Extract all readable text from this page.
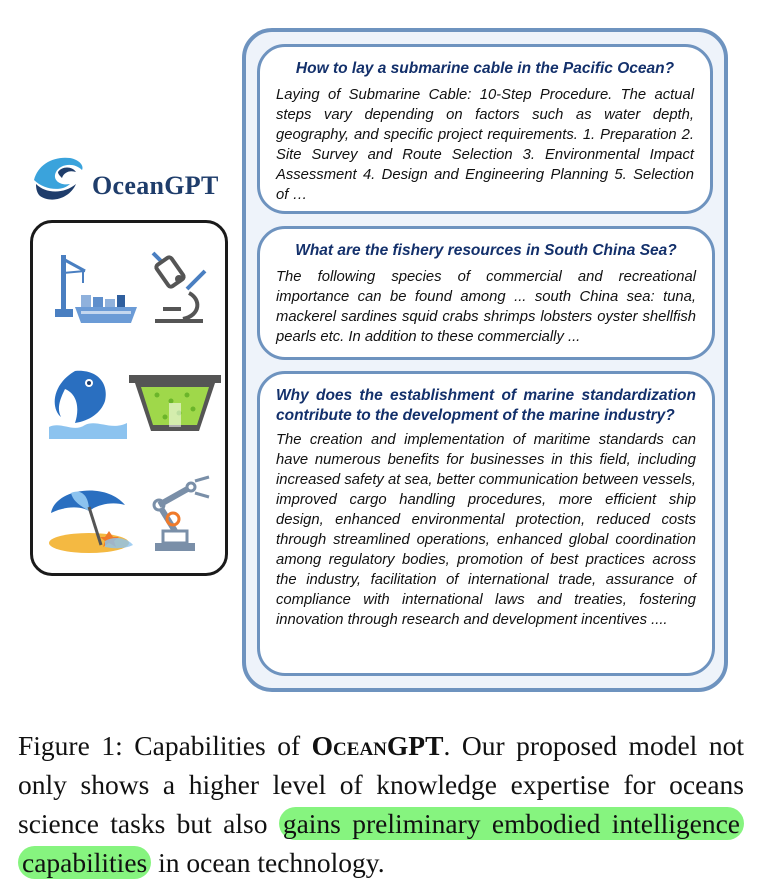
OceanGPT
How to lay a submarine cable in the Pacific Ocean?
Laying of Submarine Cable: 10-Step Procedure. The actual steps vary depending on factors such as water depth, geography, and specific project requirements. 1. Preparation 2. Site Survey and Route Selection 3. Environmental Impact Assessment 4. Design and Engineering Planning 5. Selection of …
What are the fishery resources in South China Sea?
The following species of commercial and recreational importance can be found among ... south China sea: tuna, mackerel sardines squid crabs shrimps lobsters oyster shellfish pearls etc. In addition to these commercially ...
Why does the establishment of marine standardization contribute to the development of the marine industry?
The creation and implementation of maritime standards can have numerous benefits for businesses in this field, including increased safety at sea, better communication between vessels, improved cargo handling procedures, more efficient ship design, enhanced environmental protection, reduced costs through streamlined operations, enhanced global coordination among regulatory bodies, promotion of best practices across the industry, facilitation of international trade, assurance of compliance with international laws and treaties, fostering innovation through research and development incentives ....
Figure 1: Capabilities of OceanGPT. Our proposed model not only shows a higher level of knowledge expertise for oceans science tasks but also gains preliminary embodied intelligence capabilities in ocean technology.
